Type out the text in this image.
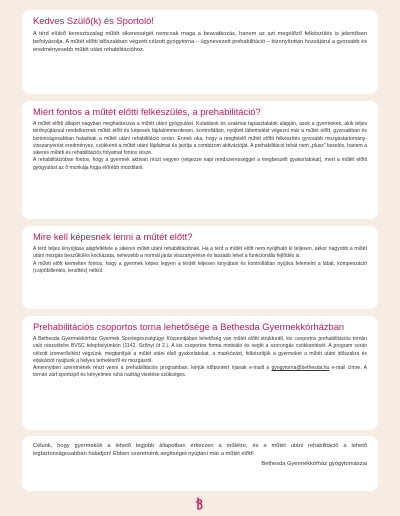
Kedves Szülő(k) és Sportoló!

A térd elülső keresztszalag műtét sikerességét nemcsak maga a beavatkozás, hanem az azt megelőző felkészülés is jelentősen befolyásolja. A műtét előtti időszakban végzett célzott gyógytorna – úgynevezett prehabilitáció – bizonyítottan hozzájárul a gyorsabb és eredményesebb műtét utáni rehabilitációhoz.

Miért fontos a műtét előtti felkészülés, a prehabilitáció?

A műtét előtti állapot nagyban meghatározza a műtét utáni gyógyulást. Kutatások és szakmai tapasztalatok alapján, azok a gyermekek, akik teljes térdnyújtással rendelkeznek műtét előtt és képesek fájdalommentesen, kontrolláltan, nyújtott lábemelést végezni már a műtét előtt, gyorsabban és biztonságosabban haladnak a műtét utáni rehabilitáció során. Ennek oka, hogy a megfelelő műtét előtti felkészítés gyorsabb mozgástartomány-visszanyerést eredményez, csökkenti a műtét utáni fájdalmat és javítja a combizom aktivációját. A prehabilitáció tehát nem „plusz” kezelés, hanem a sikeres műtéti és rehabilitációs folyamat fontos része.

A rehabilitációban fontos, hogy a gyermek aktívan részt vegyen (végezze napi rendszerességgel a megbeszélt gyakorlatokat), mert a műtét előtti gyógyulást az ő munkája fogja előrébb mozdítani.

Mire kell képesnek lenni a műtét előtt?

A térd teljes kinyújtása alapfeltétele a sikeres műtét utáni rehabilitációnak. Ha a térd a műtét előtt nem nyújtható ki teljesen, akkor nagyobb a műtét utáni mozgás beszűkülés kockázata, nehezebb a normál járás visszanyerése és lassabb lehet a funkcionális fejlődés is.

A műtét előtt kiemelten fontos, hogy a gyermek képes legyen a térdét teljesen kinyújtani és kontrolláltan nyújtva felemelni a lábát, kompenzáció (csípőbillentés, lendítés) nélkül.

Prehabilitációs csoportos torna lehetősége a Bethesda Gyermekkórházban

A Bethesda Gyermekkórház Gyermek Sportegészségügyi Központjában lehetőség van műtét előtti strukturált, kis csoportos prehabilitációs tornán való részvételre BVSC telephelyünkön (1142, Szőnyi út 2.). A kis csoportos forma motiváló és segíti a szorongás csökkentését. A program során célzott izomerősítést végzünk, megtanítjuk a műtét utáni első gyakorlatokat, a mankózást, felkészítjük a gyermeket a műtét utáni időszakra és edukációt nyújtunk a helyes terhelésről és mozgásról.

Amennyiben szeretnének részt venni a prehabilitációs programban, kérjük időpontért írjanak e-mailt a gyogytorna@bethesda.hu e-mail címre. A tornán zárt sportcipő és kényelmes ruhá nadrág viselése szükséges.

Célunk, hogy gyermekük a lehető legjobb állapotban érkezzen a műtétre, és a műtét utáni rehabilitáció a lehető legbiztonságosabban haladjon! Ebben szeretnénk segítséget nyújtani már a műtét előtt!

Bethesda Gyermekkórház gyógytornászai
